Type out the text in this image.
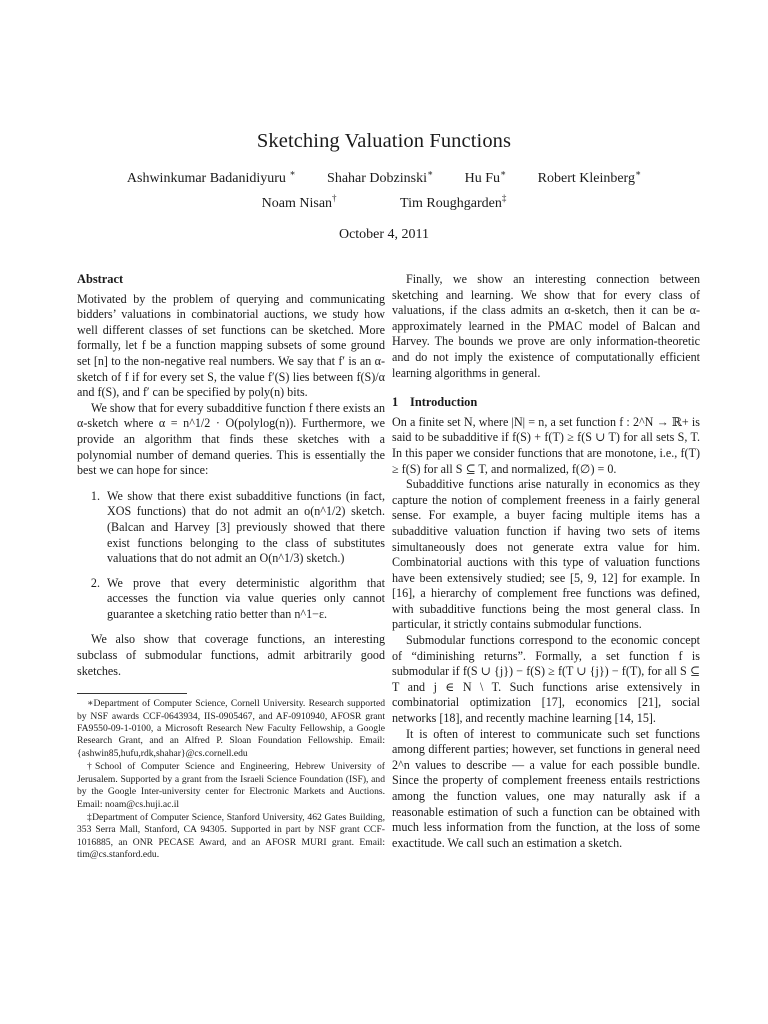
Sketching Valuation Functions
Ashwinkumar Badanidiyuru ∗ Shahar Dobzinski∗ Hu Fu∗ Robert Kleinberg∗
Noam Nisan†	Tim Roughgarden‡
October 4, 2011
Abstract

Motivated by the problem of querying and communicating bidders’ valuations in combinatorial auctions, we study how well different classes of set functions can be sketched. More formally, let f be a function mapping subsets of some ground set [n] to the non-negative real numbers. We say that f′ is an α-sketch of f if for every set S, the value f′(S) lies between f(S)/α and f(S), and f′ can be specified by poly(n) bits.

We show that for every subadditive function f there exists an α-sketch where α = n^1/2 · O(polylog(n)). Furthermore, we provide an algorithm that finds these sketches with a polynomial number of demand queries. This is essentially the best we can hope for since:

1. We show that there exist subadditive functions (in fact, XOS functions) that do not admit an o(n^1/2) sketch. (Balcan and Harvey [3] previously showed that there exist functions belonging to the class of substitutes valuations that do not admit an O(n^1/3) sketch.)
2. We prove that every deterministic algorithm that accesses the function via value queries only cannot guarantee a sketching ratio better than n^1−ε.

We also show that coverage functions, an interesting subclass of submodular functions, admit arbitrarily good sketches.

∗Department of Computer Science, Cornell University. Research supported by NSF awards CCF-0643934, IIS-0905467, and AF-0910940, AFOSR grant FA9550-09-1-0100, a Microsoft Research New Faculty Fellowship, a Google Research Grant, and an Alfred P. Sloan Foundation Fellowship. Email: {ashwin85,hufu,rdk,shahar}@cs.cornell.edu

†School of Computer Science and Engineering, Hebrew University of Jerusalem. Supported by a grant from the Israeli Science Foundation (ISF), and by the Google Inter-university center for Electronic Markets and Auctions. Email: noam@cs.huji.ac.il

‡Department of Computer Science, Stanford University, 462 Gates Building, 353 Serra Mall, Stanford, CA 94305. Supported in part by NSF grant CCF-1016885, an ONR PECASE Award, and an AFOSR MURI grant. Email: tim@cs.stanford.edu.

Finally, we show an interesting connection between sketching and learning. We show that for every class of valuations, if the class admits an α-sketch, then it can be α-approximately learned in the PMAC model of Balcan and Harvey. The bounds we prove are only information-theoretic and do not imply the existence of computationally efficient learning algorithms in general.

1 Introduction

On a finite set N, where |N| = n, a set function f : 2^N → ℝ+ is said to be subadditive if f(S) + f(T) ≥ f(S ∪ T) for all sets S, T. In this paper we consider functions that are monotone, i.e., f(T) ≥ f(S) for all S ⊆ T, and normalized, f(∅) = 0.

Subadditive functions arise naturally in economics as they capture the notion of complement freeness in a fairly general sense. For example, a buyer facing multiple items has a subadditive valuation function if having two sets of items simultaneously does not generate extra value for him. Combinatorial auctions with this type of valuation functions have been extensively studied; see [5, 9, 12] for example. In [16], a hierarchy of complement free functions was defined, with subadditive functions being the most general class. In particular, it strictly contains submodular functions.

Submodular functions correspond to the economic concept of “diminishing returns”. Formally, a set function f is submodular if f(S ∪ {j}) − f(S) ≥ f(T ∪ {j}) − f(T), for all S ⊆ T and j ∈ N \ T. Such functions arise extensively in combinatorial optimization [17], economics [21], social networks [18], and recently machine learning [14, 15].

It is often of interest to communicate such set functions among different parties; however, set functions in general need 2^n values to describe — a value for each possible bundle. Since the property of complement freeness entails restrictions among the function values, one may naturally ask if a reasonable estimation of such a function can be obtained with much less information from the function, at the loss of some exactitude. We call such an estimation a sketch.
